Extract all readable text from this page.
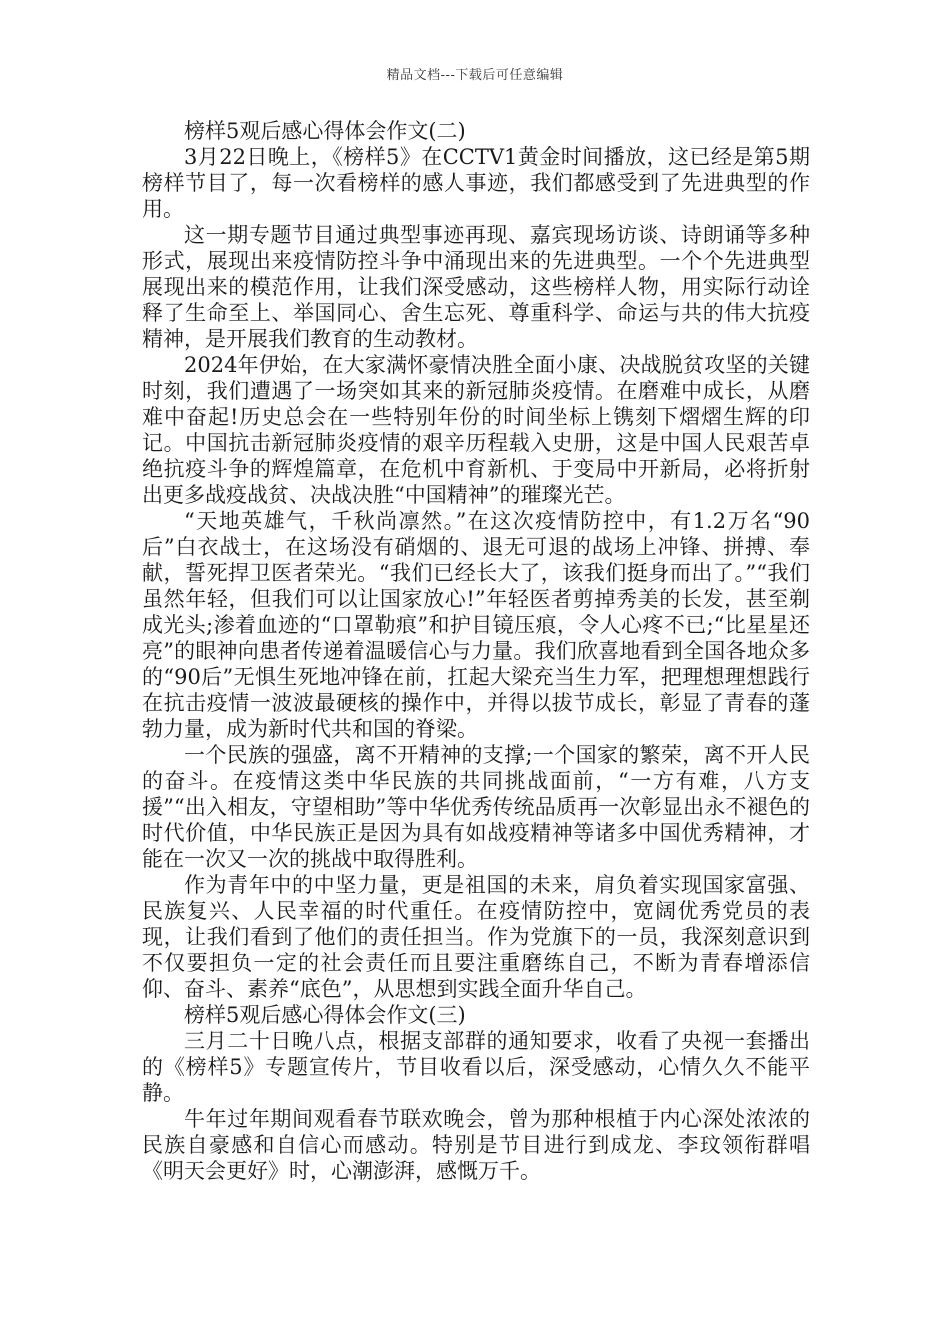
精品文档---下载后可任意编辑
榜样5观后感心得体会作文(二)

3月22日晚上，《榜样5》在CCTV1黄金时间播放，这已经是第5期榜样节目了，每一次看榜样的感人事迹，我们都感受到了先进典型的作用。

这一期专题节目通过典型事迹再现、嘉宾现场访谈、诗朗诵等多种形式，展现出来疫情防控斗争中涌现出来的先进典型。一个个先进典型展现出来的模范作用，让我们深受感动，这些榜样人物，用实际行动诠释了生命至上、举国同心、舍生忘死、尊重科学、命运与共的伟大抗疫精神，是开展我们教育的生动教材。

2024年伊始，在大家满怀豪情决胜全面小康、决战脱贫攻坚的关键时刻，我们遭遇了一场突如其来的新冠肺炎疫情。在磨难中成长，从磨难中奋起!历史总会在一些特别年份的时间坐标上镌刻下熠熠生辉的印记。中国抗击新冠肺炎疫情的艰辛历程载入史册，这是中国人民艰苦卓绝抗疫斗争的辉煌篇章，在危机中育新机、于变局中开新局，必将折射出更多战疫战贫、决战决胜“中国精神”的璀璨光芒。

“天地英雄气，千秋尚凛然。”在这次疫情防控中，有1.2万名“90后”白衣战士，在这场没有硝烟的、退无可退的战场上冲锋、拼搏、奉献，誓死捍卫医者荣光。“我们已经长大了，该我们挺身而出了。”“我们虽然年轻，但我们可以让国家放心!”年轻医者剪掉秀美的长发，甚至剃成光头;渗着血迹的“口罩勒痕”和护目镜压痕，令人心疼不已;“比星星还亮”的眼神向患者传递着温暖信心与力量。我们欣喜地看到全国各地众多的“90后”无惧生死地冲锋在前，扛起大梁充当生力军，把理想理想践行在抗击疫情一波波最硬核的操作中，并得以拔节成长，彰显了青春的蓬勃力量，成为新时代共和国的脊梁。

一个民族的强盛，离不开精神的支撑;一个国家的繁荣，离不开人民的奋斗。在疫情这类中华民族的共同挑战面前，“一方有难，八方支援”“出入相友，守望相助”等中华优秀传统品质再一次彰显出永不褪色的时代价值，中华民族正是因为具有如战疫精神等诸多中国优秀精神，才能在一次又一次的挑战中取得胜利。

作为青年中的中坚力量，更是祖国的未来，肩负着实现国家富强、民族复兴、人民幸福的时代重任。在疫情防控中，宽阔优秀党员的表现，让我们看到了他们的责任担当。作为党旗下的一员，我深刻意识到不仅要担负一定的社会责任而且要注重磨练自己，不断为青春增添信仰、奋斗、素养“底色”，从思想到实践全面升华自己。

榜样5观后感心得体会作文(三)

三月二十日晚八点，根据支部群的通知要求，收看了央视一套播出的《榜样5》专题宣传片，节目收看以后，深受感动，心情久久不能平静。

牛年过年期间观看春节联欢晚会，曾为那种根植于内心深处浓浓的民族自豪感和自信心而感动。特别是节目进行到成龙、李玟领衔群唱《明天会更好》时，心潮澎湃，感慨万千。
